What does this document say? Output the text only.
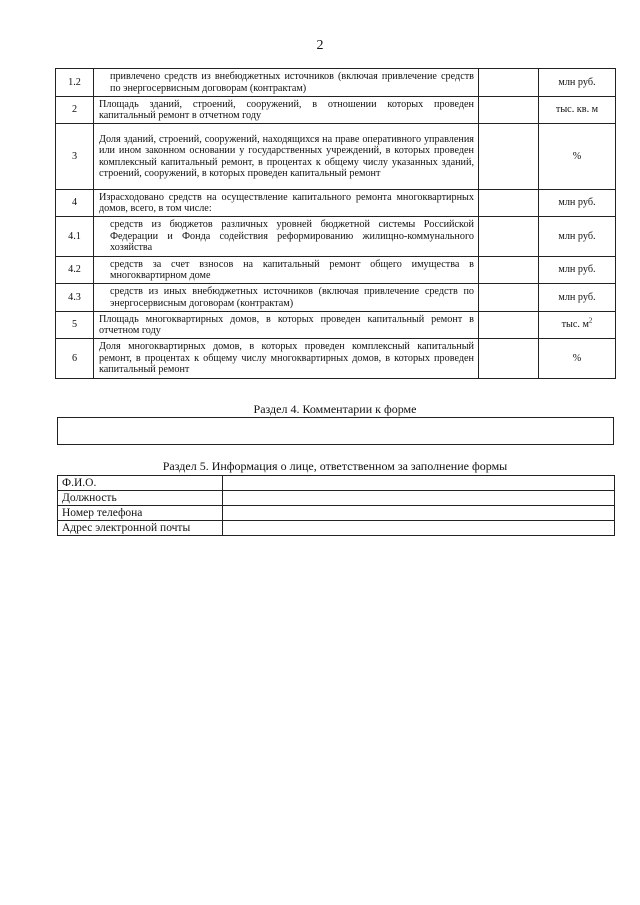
2
1.2	привлечено средств из внебюджетных источников (включая привлечение средств по энергосервисным договорам (контрактам)		млн руб.
2	Площадь зданий, строений, сооружений, в отношении которых проведен капитальный ремонт в отчетном году		тыс. кв. м
3	Доля зданий, строений, сооружений, находящихся на праве оперативного управления или ином законном основании у государственных учреждений, в которых проведен комплексный капитальный ремонт, в процентах к общему числу указанных зданий, строений, сооружений, в которых проведен капитальный ремонт		%
4	Израсходовано средств на осуществление капитального ремонта многоквартирных домов, всего, в том числе:		млн руб.
4.1	средств из бюджетов различных уровней бюджетной системы Российской Федерации и Фонда содействия реформированию жилищно-коммунального хозяйства		млн руб.
4.2	средств за счет взносов на капитальный ремонт общего имущества в многоквартирном доме		млн руб.
4.3	средств из иных внебюджетных источников (включая привлечение средств по энергосервисным договорам (контрактам)		млн руб.
5	Площадь многоквартирных домов, в которых проведен капитальный ремонт в отчетном году		тыс. $м^2$
6	Доля многоквартирных домов, в которых проведен комплексный капитальный ремонт, в процентах к общему числу многоквартирных домов, в которых проведен капитальный ремонт		%
Раздел 4. Комментарии к форме
Раздел 5. Информация о лице, ответственном за заполнение формы
Ф.И.О.	
Должность	
Номер телефона	
Адрес электронной почты	
